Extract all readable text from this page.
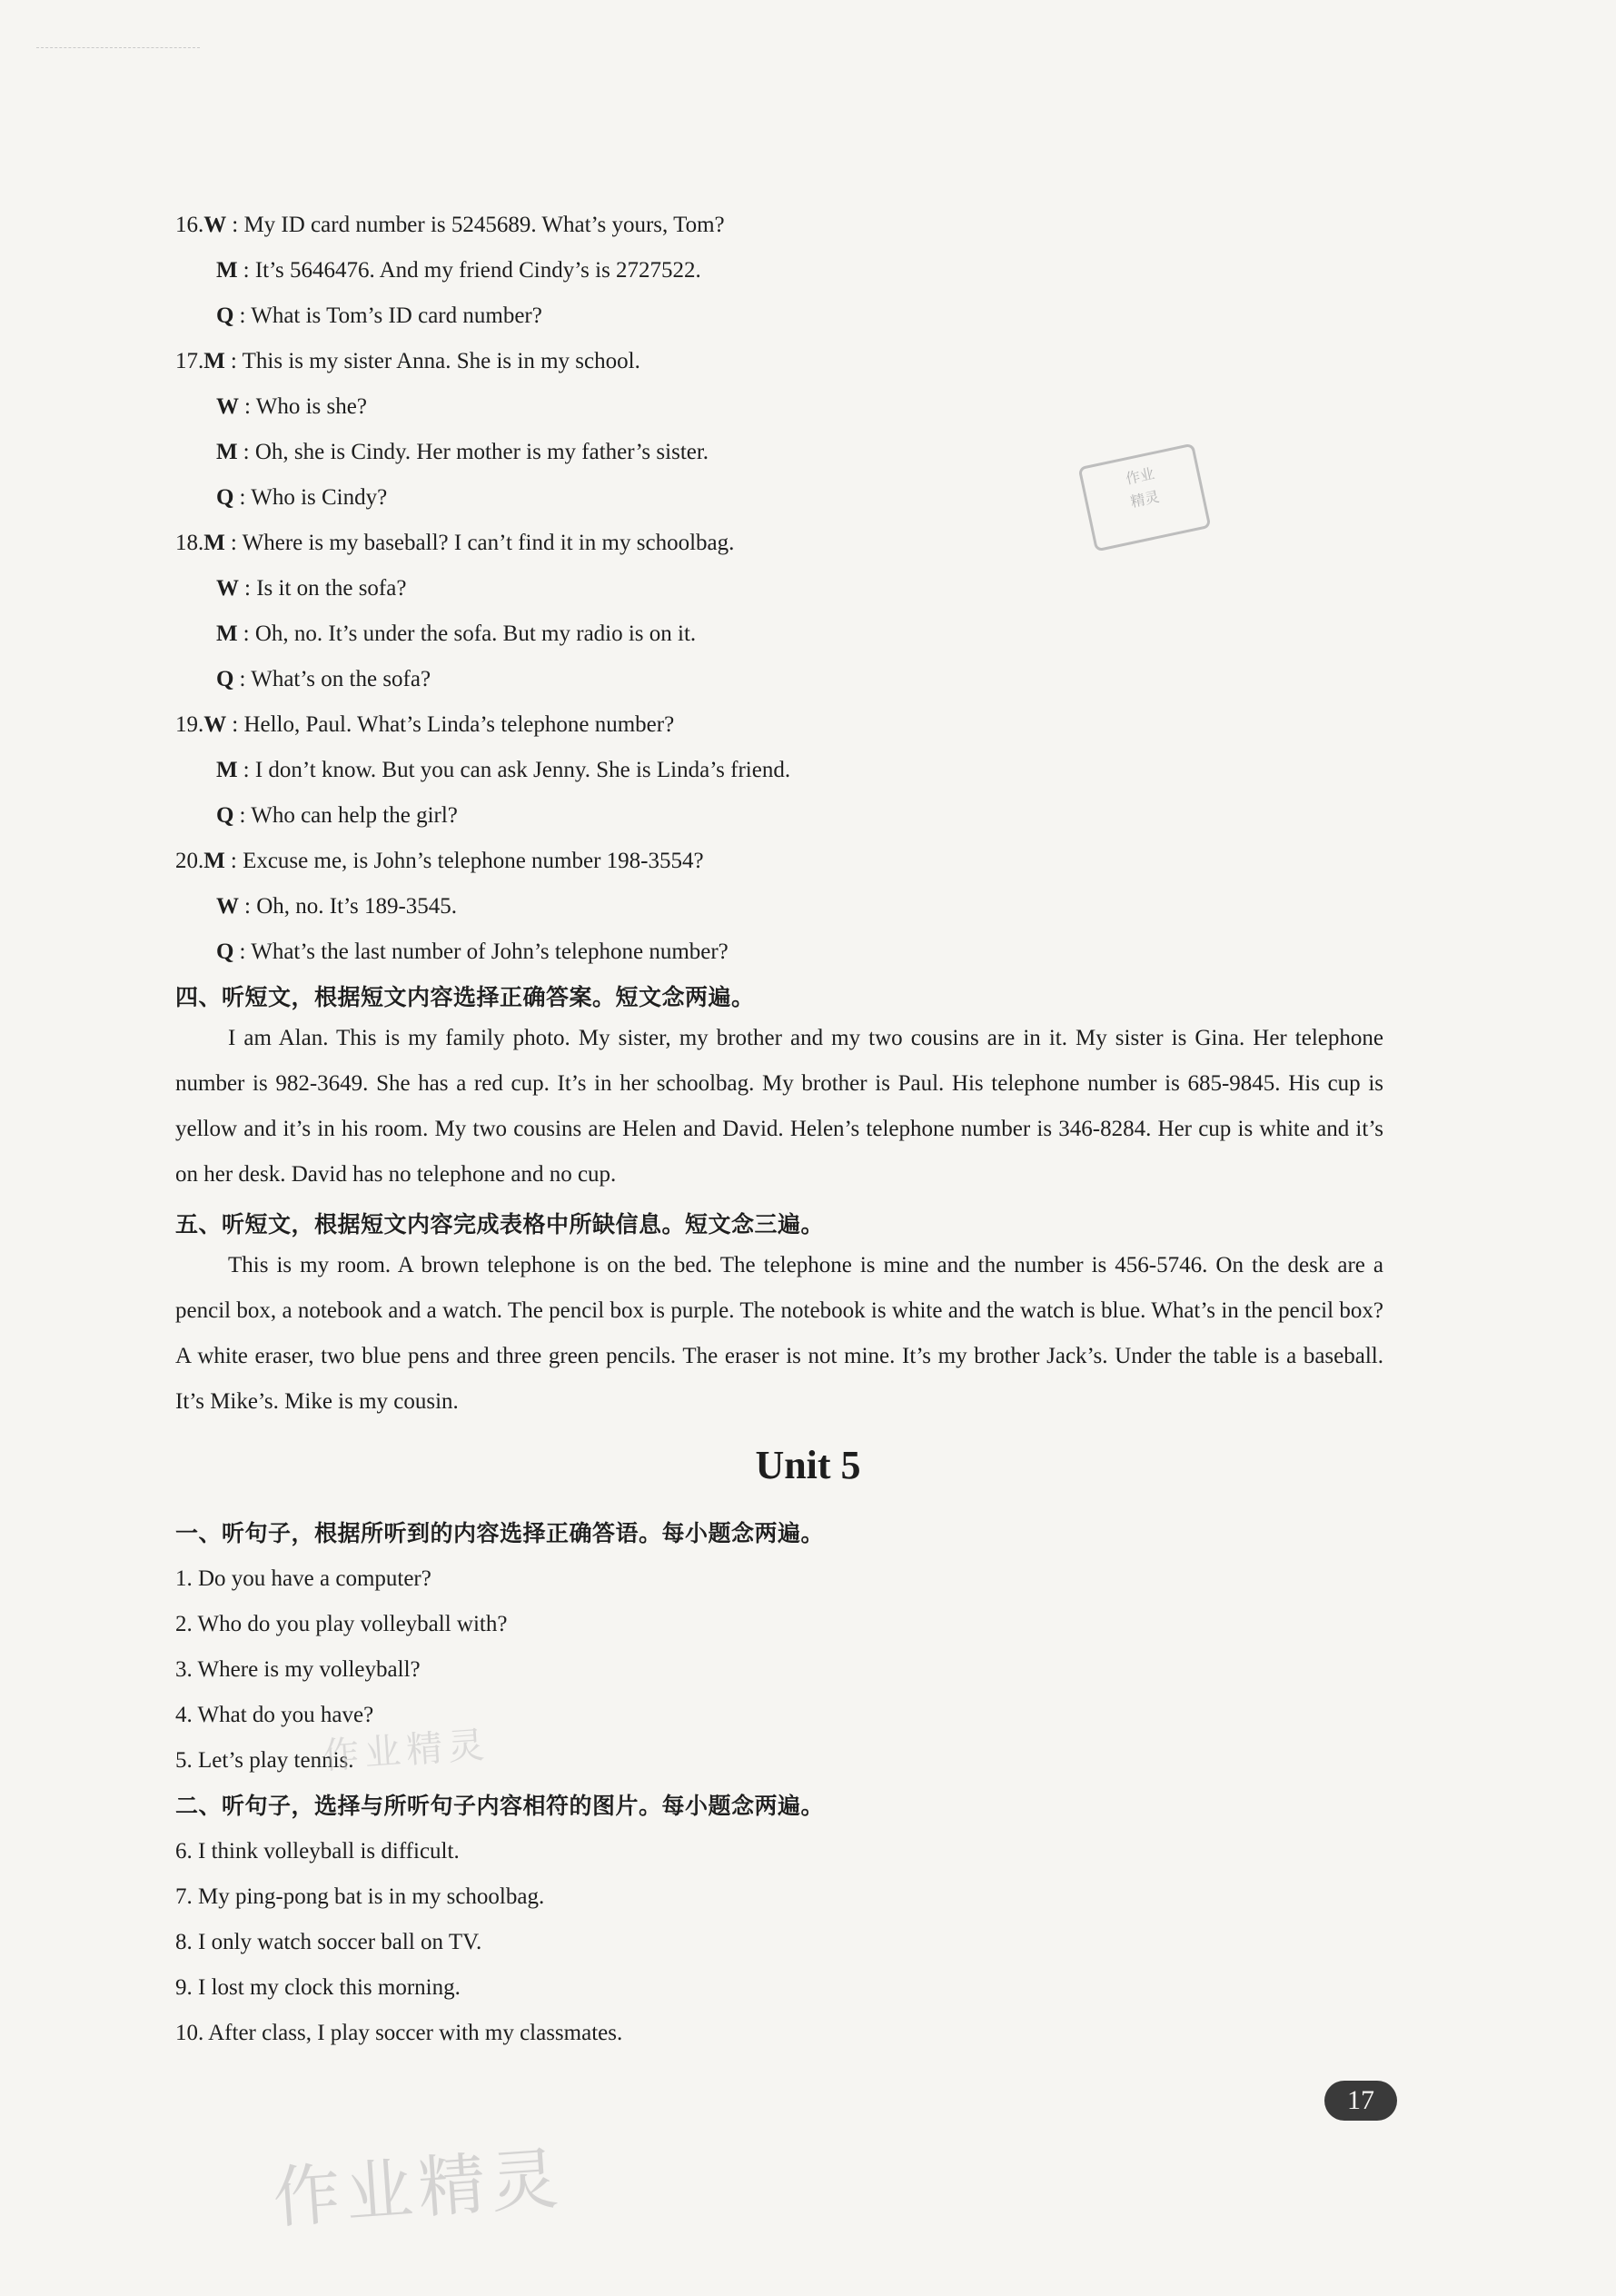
16.W : My ID card number is 5245689. What’s yours, Tom?
M : It’s 5646476. And my friend Cindy’s is 2727522.
Q : What is Tom’s ID card number?
17.M : This is my sister Anna. She is in my school.
W : Who is she?
M : Oh, she is Cindy. Her mother is my father’s sister.
Q : Who is Cindy?
18.M : Where is my baseball? I can’t find it in my schoolbag.
W : Is it on the sofa?
M : Oh, no. It’s under the sofa. But my radio is on it.
Q : What’s on the sofa?
19.W : Hello, Paul. What’s Linda’s telephone number?
M : I don’t know. But you can ask Jenny. She is Linda’s friend.
Q : Who can help the girl?
20.M : Excuse me, is John’s telephone number 198-3554?
W : Oh, no. It’s 189-3545.
Q : What’s the last number of John’s telephone number?
四、听短文，根据短文内容选择正确答案。短文念两遍。
I am Alan. This is my family photo. My sister, my brother and my two cousins are in it. My sister is Gina. Her telephone number is 982-3649. She has a red cup. It’s in her schoolbag. My brother is Paul. His telephone number is 685-9845. His cup is yellow and it’s in his room. My two cousins are Helen and David. Helen’s telephone number is 346-8284. Her cup is white and it’s on her desk. David has no telephone and no cup.
五、听短文，根据短文内容完成表格中所缺信息。短文念三遍。
This is my room. A brown telephone is on the bed. The telephone is mine and the number is 456-5746. On the desk are a pencil box, a notebook and a watch. The pencil box is purple. The notebook is white and the watch is blue. What’s in the pencil box? A white eraser, two blue pens and three green pencils. The eraser is not mine. It’s my brother Jack’s. Under the table is a baseball. It’s Mike’s. Mike is my cousin.
Unit 5
一、听句子，根据所听到的内容选择正确答语。每小题念两遍。
1. Do you have a computer?
2. Who do you play volleyball with?
3. Where is my volleyball?
4. What do you have?
5. Let’s play tennis.
二、听句子，选择与所听句子内容相符的图片。每小题念两遍。
6. I think volleyball is difficult.
7. My ping-pong bat is in my schoolbag.
8. I only watch soccer ball on TV.
9. I lost my clock this morning.
10. After class, I play soccer with my classmates.
17
作业
精灵
作业精灵
作业精灵
